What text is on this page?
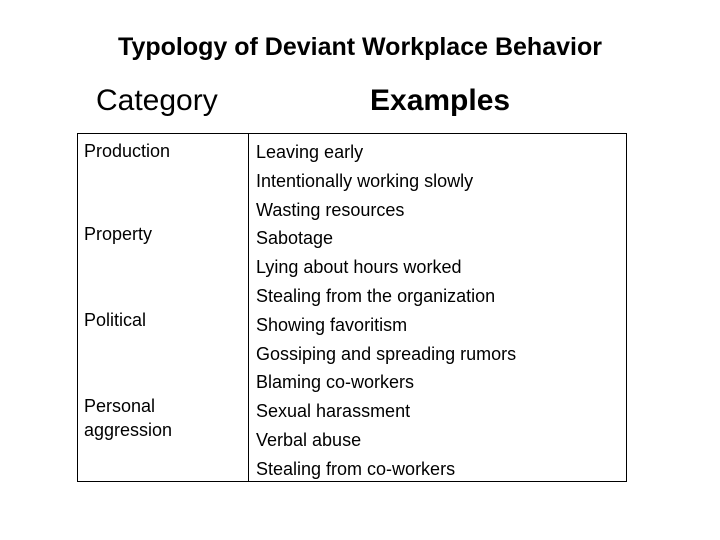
Typology of Deviant Workplace Behavior
Category	Examples
Production
Property
Political
Personal
aggression
Leaving early
Intentionally working slowly
Wasting resources
Sabotage
Lying about hours worked
Stealing from the organization
Showing favoritism
Gossiping and spreading rumors
Blaming co-workers
Sexual harassment
Verbal abuse
Stealing from co-workers
